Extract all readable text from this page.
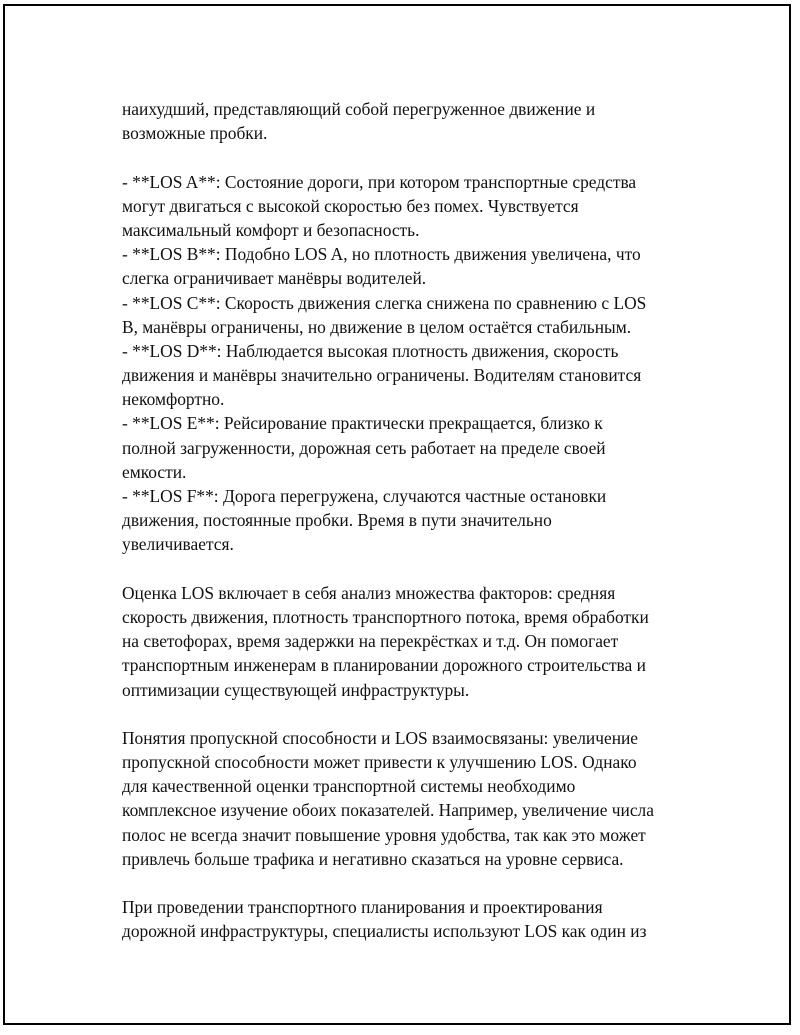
наихудший, представляющий собой перегруженное движение и
возможные пробки.
- **LOS A**: Состояние дороги, при котором транспортные средства
могут двигаться с высокой скоростью без помех. Чувствуется
максимальный комфорт и безопасность.
- **LOS B**: Подобно LOS A, но плотность движения увеличена, что
слегка ограничивает манёвры водителей.
- **LOS C**: Скорость движения слегка снижена по сравнению с LOS
B, манёвры ограничены, но движение в целом остаётся стабильным.
- **LOS D**: Наблюдается высокая плотность движения, скорость
движения и манёвры значительно ограничены. Водителям становится
некомфортно.
- **LOS E**: Рейсирование практически прекращается, близко к
полной загруженности, дорожная сеть работает на пределе своей
емкости.
- **LOS F**: Дорога перегружена, случаются частные остановки
движения, постоянные пробки. Время в пути значительно
увеличивается.
Оценка LOS включает в себя анализ множества факторов: средняя
скорость движения, плотность транспортного потока, время обработки
на светофорах, время задержки на перекрёстках и т.д. Он помогает
транспортным инженерам в планировании дорожного строительства и
оптимизации существующей инфраструктуры.
Понятия пропускной способности и LOS взаимосвязаны: увеличение
пропускной способности может привести к улучшению LOS. Однако
для качественной оценки транспортной системы необходимо
комплексное изучение обоих показателей. Например, увеличение числа
полос не всегда значит повышение уровня удобства, так как это может
привлечь больше трафика и негативно сказаться на уровне сервиса.
При проведении транспортного планирования и проектирования
дорожной инфраструктуры, специалисты используют LOS как один из
